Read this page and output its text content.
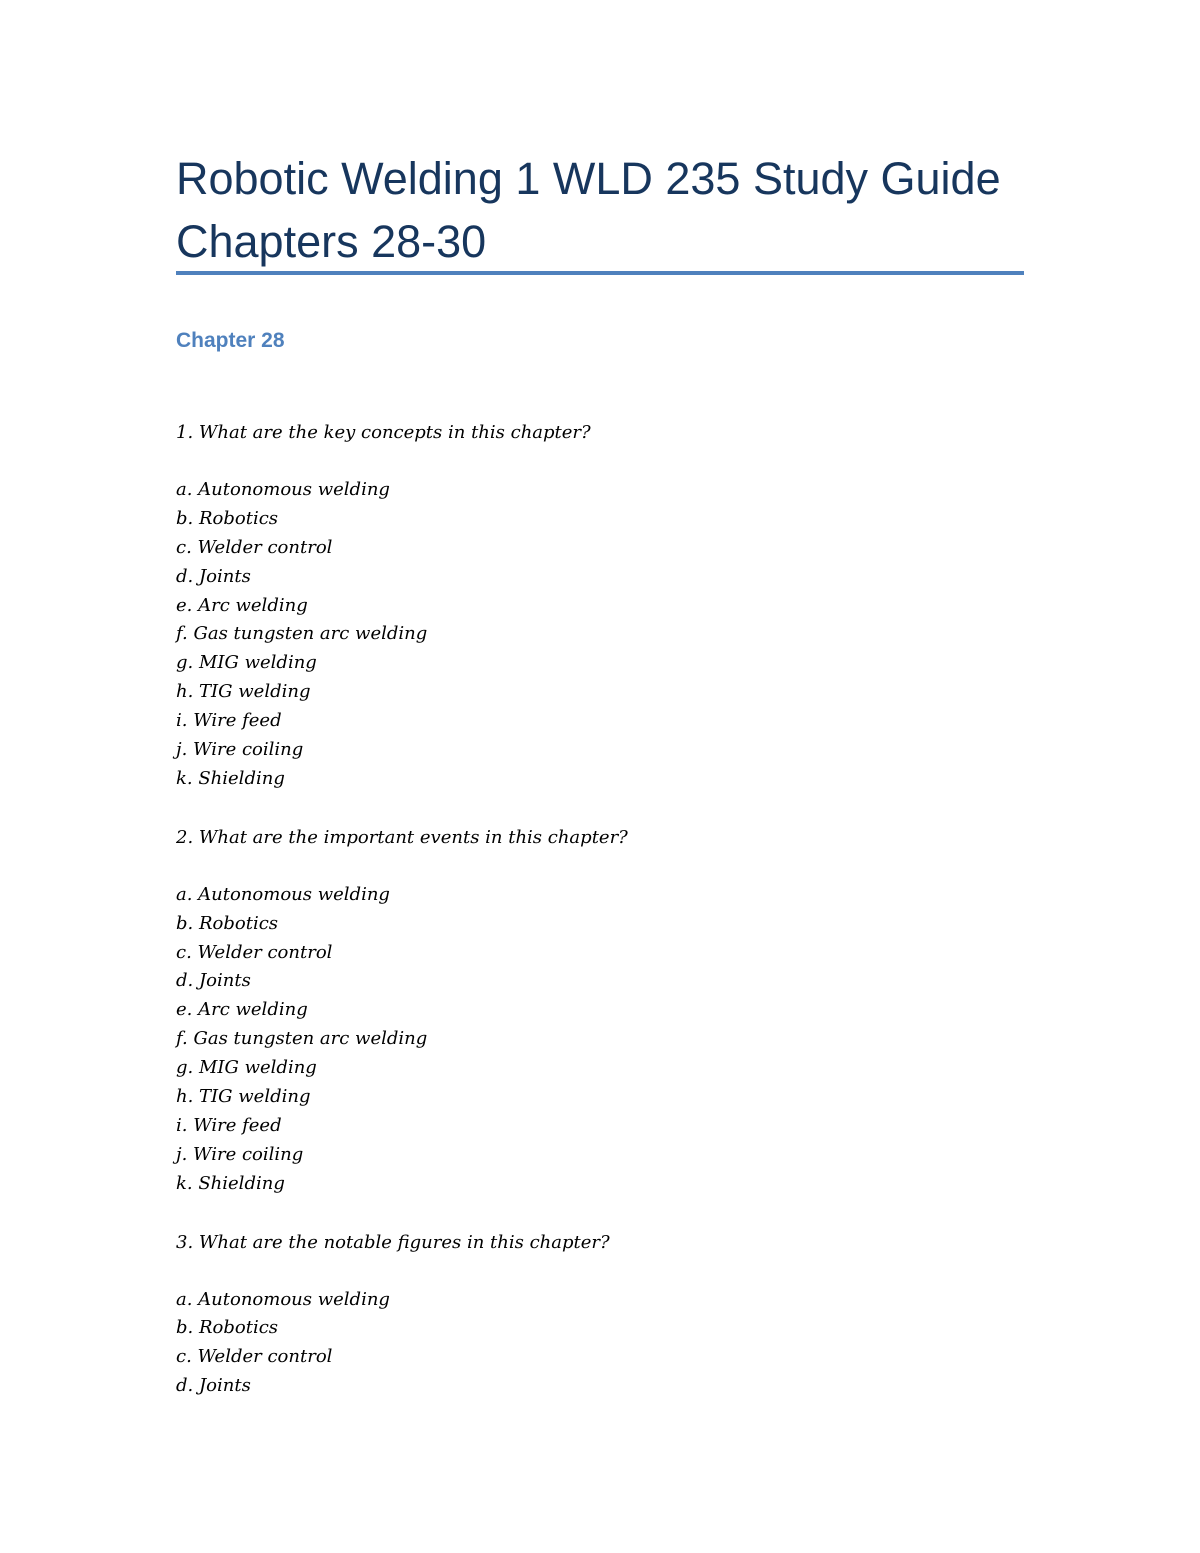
Robotic Welding 1 WLD 235 Study Guide Chapters 28-30
Chapter 28

1. What are the key concepts in this chapter?

a. Autonomous welding
b. Robotics
c. Welder control
d. Joints
e. Arc welding
f. Gas tungsten arc welding
g. MIG welding
h. TIG welding
i. Wire feed
j. Wire coiling
k. Shielding

2. What are the important events in this chapter?

a. Autonomous welding
b. Robotics
c. Welder control
d. Joints
e. Arc welding
f. Gas tungsten arc welding
g. MIG welding
h. TIG welding
i. Wire feed
j. Wire coiling
k. Shielding

3. What are the notable figures in this chapter?

a. Autonomous welding
b. Robotics
c. Welder control
d. Joints
